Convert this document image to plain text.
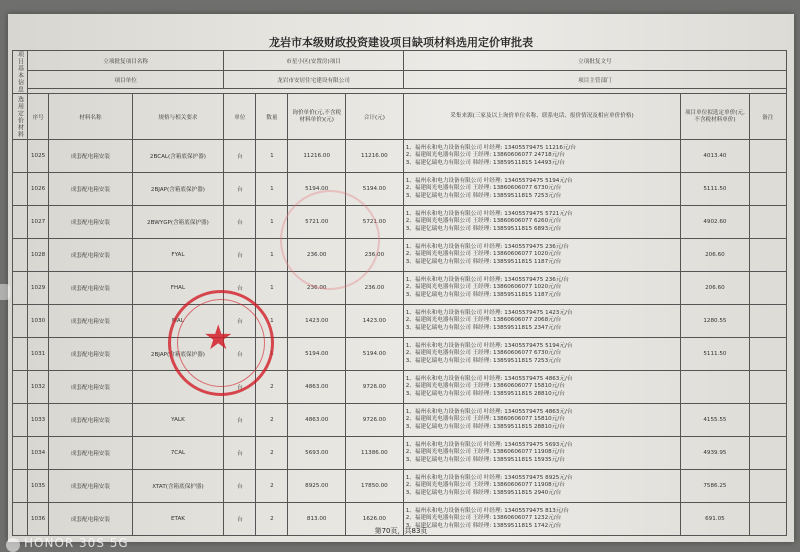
龙岩市本级财政投资建设项目缺项材料选用定价审批表
项目基本信息	立项批复项目名称			市星小区(安置房)项目				立项批复文号		
	项目单位			龙岩市安居住宅建设有限公司				项目主管部门		

选用定价材料	序号	材料名称	规格与相关要求	单位	数量	询价单价(元,不含税材料单价)(元)	合计(元)	采集来源(三家及以上询价单位名称、联系电话、报价情况及相应单价价格)	项目单位拟选定单价(元,不含税材料单价)	备注
	1025	成套配电箱安装	2BCAL(含箱底保护器)	台	1	11216.00	11216.00	1、福州永和电力设备有限公司 叶经理: 13405579475 11216元/台
2、福建闽光电器有限公司 王经理: 13860606077 24718元/台
3、福建亿瑞电力有限公司 韩经理: 13859511815 14493元/台	4013.40	
	1026	成套配电箱安装	2BJAP(含箱底保护器)	台	1	5194.00	5194.00	1、福州永和电力设备有限公司 叶经理: 13405579475 5194元/台
2、福建闽光电器有限公司 王经理: 13860606077 6730元/台
3、福建亿瑞电力有限公司 韩经理: 13859511815 7253元/台	5111.50	
	1027	成套配电箱安装	2BWYGP(含箱底保护器)	台	1	5721.00	5721.00	1、福州永和电力设备有限公司 叶经理: 13405579475 5721元/台
2、福建闽光电器有限公司 王经理: 13860606077 6260元/台
3、福建亿瑞电力有限公司 韩经理: 13859511815 6893元/台	4902.60	
	1028	成套配电箱安装	FYAL	台	1	236.00	236.00	1、福州永和电力设备有限公司 叶经理: 13405579475 236元/台
2、福建闽光电器有限公司 王经理: 13860606077 1020元/台
3、福建亿瑞电力有限公司 韩经理: 13859511815 1187元/台	206.60	
	1029	成套配电箱安装	FHAL	台	1	236.00	236.00	1、福州永和电力设备有限公司 叶经理: 13405579475 236元/台
2、福建闽光电器有限公司 王经理: 13860606077 1020元/台
3、福建亿瑞电力有限公司 韩经理: 13859511815 1187元/台	206.60	
	1030	成套配电箱安装	MAL	台	1	1423.00	1423.00	1、福州永和电力设备有限公司 叶经理: 13405579475 1423元/台
2、福建闽光电器有限公司 王经理: 13860606077 2068元/台
3、福建亿瑞电力有限公司 韩经理: 13859511815 2347元/台	1280.55	
	1031	成套配电箱安装	2BJAP(含箱底保护器)	台	1	5194.00	5194.00	1、福州永和电力设备有限公司 叶经理: 13405579475 5194元/台
2、福建闽光电器有限公司 王经理: 13860606077 6730元/台
3、福建亿瑞电力有限公司 韩经理: 13859511815 7253元/台	5111.50	
	1032	成套配电箱安装		台	2	4863.00	9726.00	1、福州永和电力设备有限公司 叶经理: 13405579475 4863元/台
2、福建闽光电器有限公司 王经理: 13860606077 15810元/台
3、福建亿瑞电力有限公司 韩经理: 13859511815 28810元/台		

	1033	成套配电箱安装	YALK	台	2	4863.00	9726.00	1、福州永和电力设备有限公司 叶经理: 13405579475 4863元/台
2、福建闽光电器有限公司 王经理: 13860606077 15810元/台
3、福建亿瑞电力有限公司 韩经理: 13859511815 28810元/台	4155.55	
	1034	成套配电箱安装	7CAL	台	2	5693.00	11386.00	1、福州永和电力设备有限公司 叶经理: 13405579475 5693元/台
2、福建闽光电器有限公司 王经理: 13860606077 11908元/台
3、福建亿瑞电力有限公司 韩经理: 13859511815 15935元/台	4939.95	
	1035	成套配电箱安装	XTAT(含箱底保护器)	台	2	8925.00	17850.00	1、福州永和电力设备有限公司 叶经理: 13405579475 8925元/台
2、福建闽光电器有限公司 王经理: 13860606077 11908元/台
3、福建亿瑞电力有限公司 韩经理: 13859511815 2940元/台	7586.25	
	1036	成套配电箱安装	ETAK	台	2	813.00	1626.00	1、福州永和电力设备有限公司 叶经理: 13405579475 813元/台
2、福建闽光电器有限公司 王经理: 13860606077 1232元/台
3、福建亿瑞电力有限公司 韩经理: 13859511815 1742元/台	691.05	
★
第70页，共83页
HONOR 30S 5G
